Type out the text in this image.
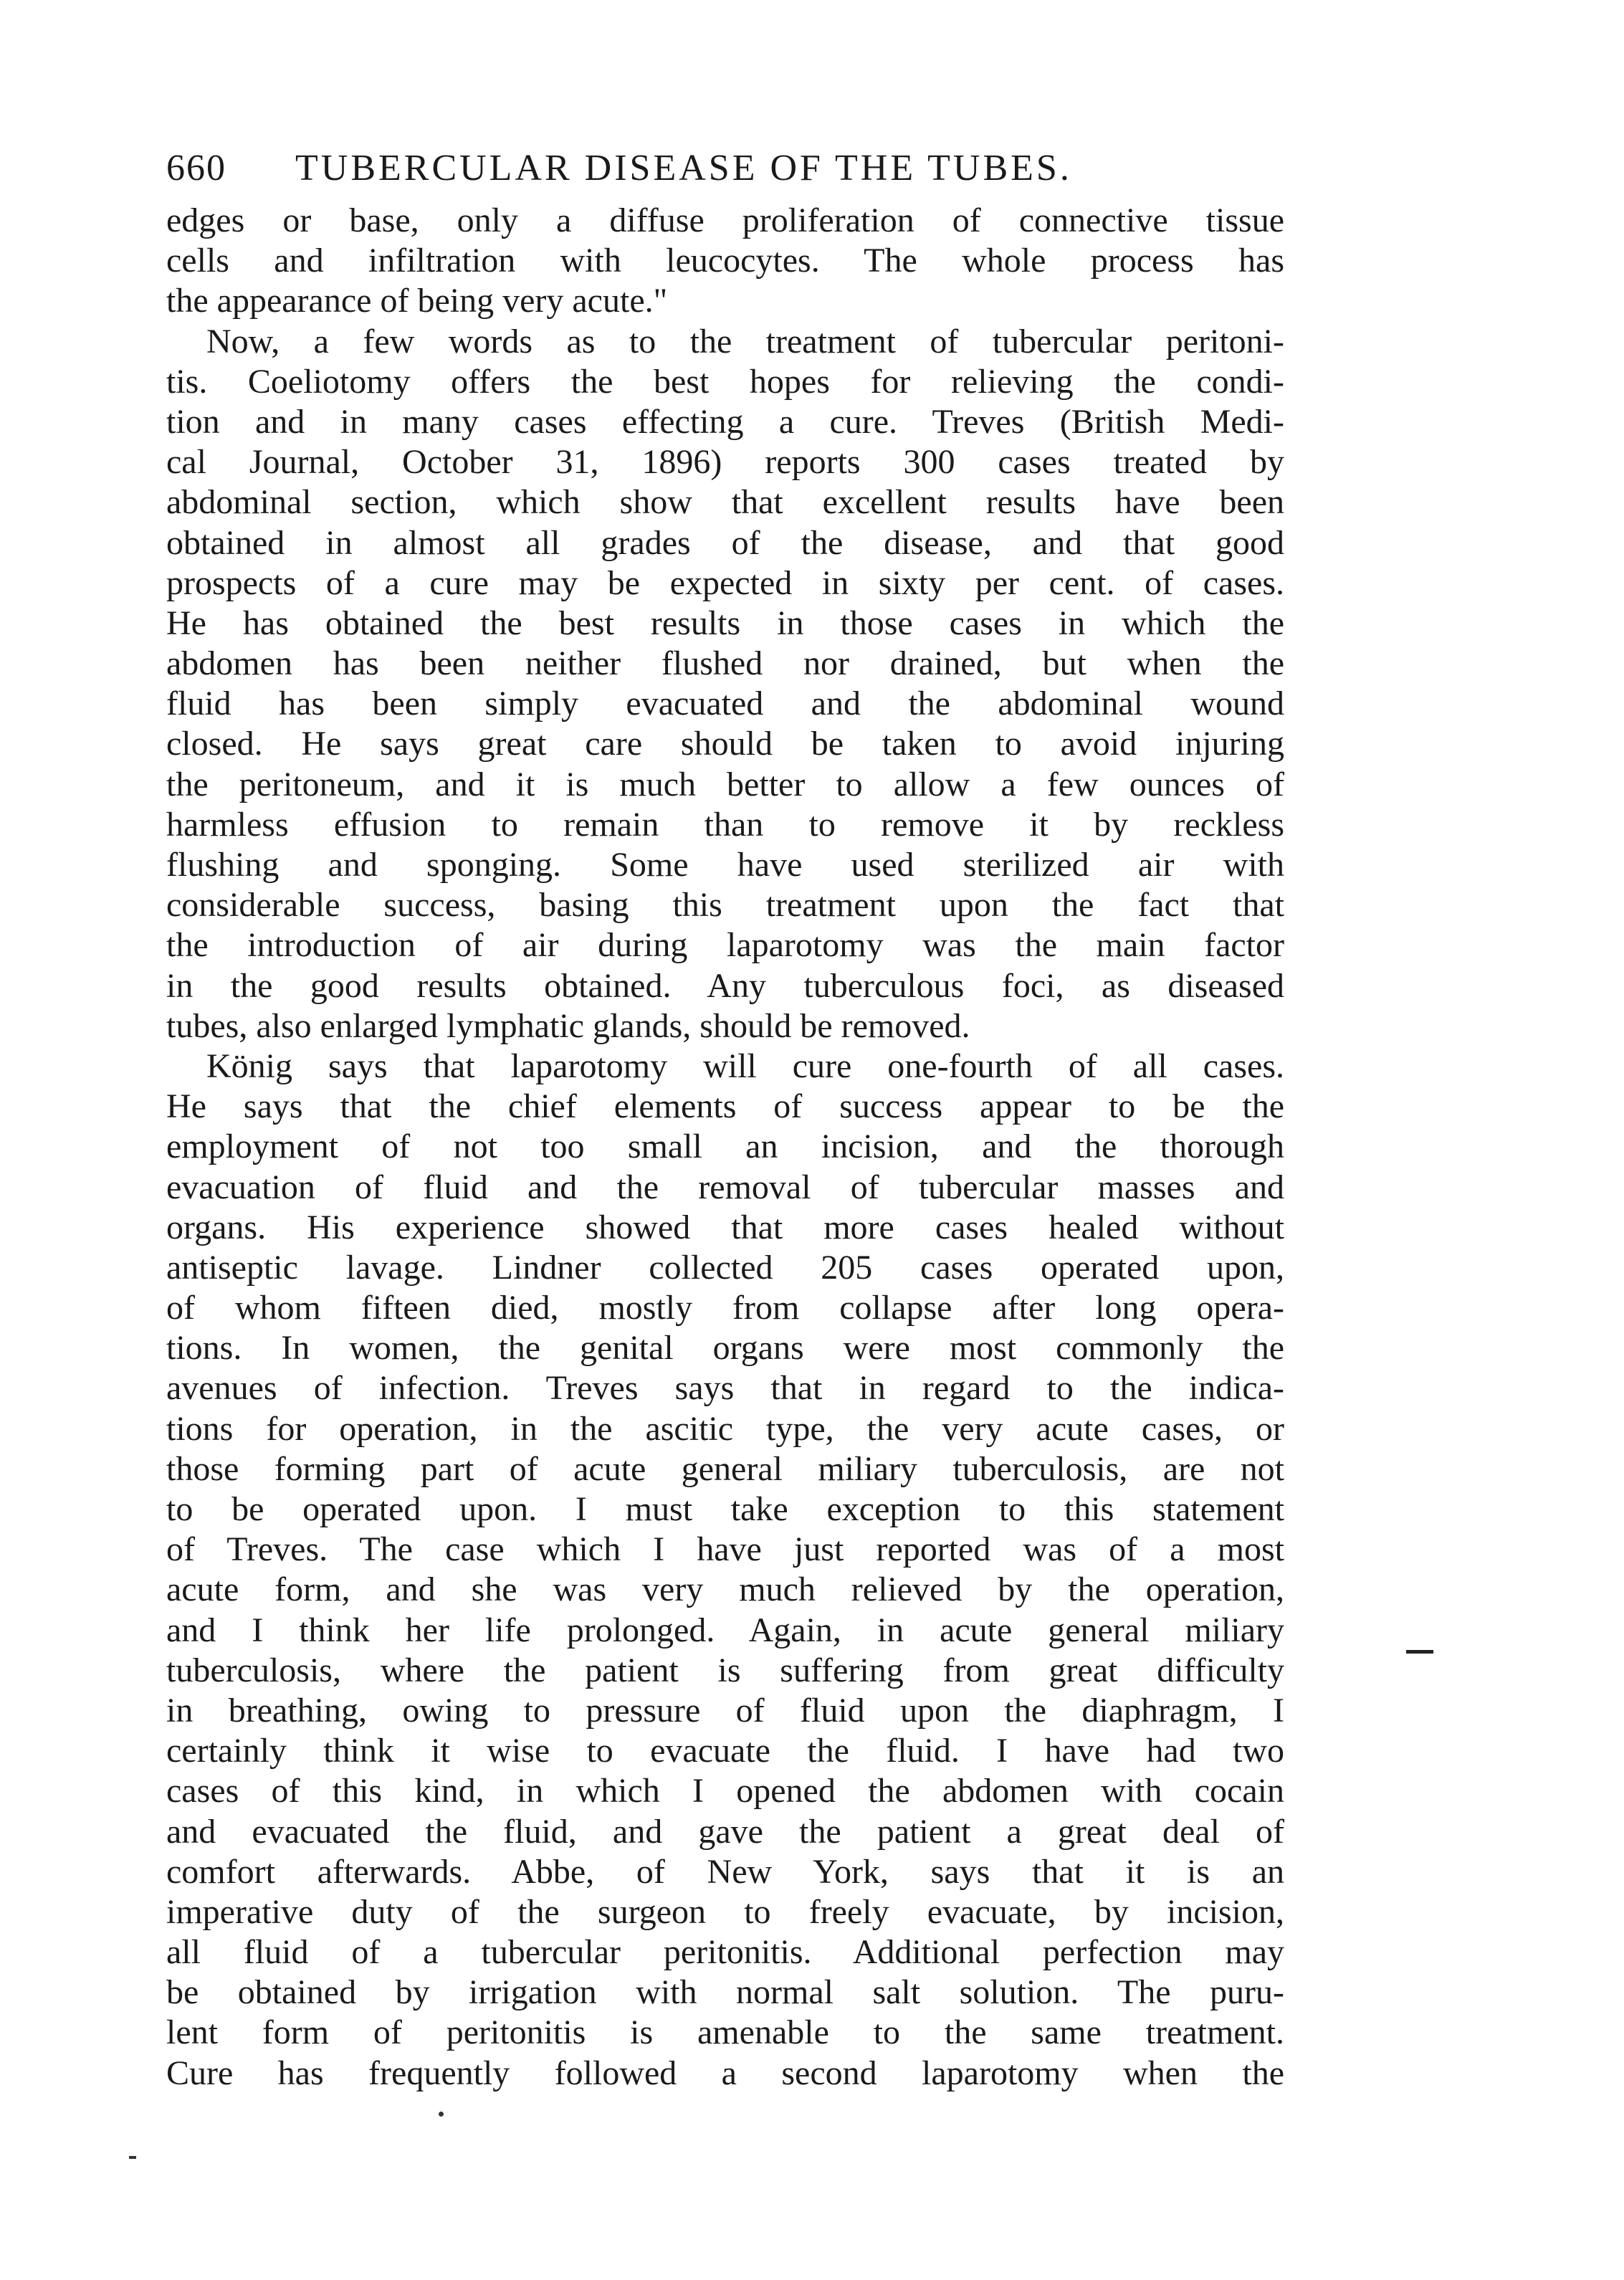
660 TUBERCULAR DISEASE OF THE TUBES.
edges or base, only a diffuse proliferation of connective tissue
cells and infiltration with leucocytes. The whole process has
the appearance of being very acute."
Now, a few words as to the treatment of tubercular peritoni-
tis. Coeliotomy offers the best hopes for relieving the condi-
tion and in many cases effecting a cure. Treves (British Medi-
cal Journal, October 31, 1896) reports 300 cases treated by
abdominal section, which show that excellent results have been
obtained in almost all grades of the disease, and that good
prospects of a cure may be expected in sixty per cent. of cases.
He has obtained the best results in those cases in which the
abdomen has been neither flushed nor drained, but when the
fluid has been simply evacuated and the abdominal wound
closed. He says great care should be taken to avoid injuring
the peritoneum, and it is much better to allow a few ounces of
harmless effusion to remain than to remove it by reckless
flushing and sponging. Some have used sterilized air with
considerable success, basing this treatment upon the fact that
the introduction of air during laparotomy was the main factor
in the good results obtained. Any tuberculous foci, as diseased
tubes, also enlarged lymphatic glands, should be removed.
König says that laparotomy will cure one-fourth of all cases.
He says that the chief elements of success appear to be the
employment of not too small an incision, and the thorough
evacuation of fluid and the removal of tubercular masses and
organs. His experience showed that more cases healed without
antiseptic lavage. Lindner collected 205 cases operated upon,
of whom fifteen died, mostly from collapse after long opera-
tions. In women, the genital organs were most commonly the
avenues of infection. Treves says that in regard to the indica-
tions for operation, in the ascitic type, the very acute cases, or
those forming part of acute general miliary tuberculosis, are not
to be operated upon. I must take exception to this statement
of Treves. The case which I have just reported was of a most
acute form, and she was very much relieved by the operation,
and I think her life prolonged. Again, in acute general miliary
tuberculosis, where the patient is suffering from great difficulty
in breathing, owing to pressure of fluid upon the diaphragm, I
certainly think it wise to evacuate the fluid. I have had two
cases of this kind, in which I opened the abdomen with cocain
and evacuated the fluid, and gave the patient a great deal of
comfort afterwards. Abbe, of New York, says that it is an
imperative duty of the surgeon to freely evacuate, by incision,
all fluid of a tubercular peritonitis. Additional perfection may
be obtained by irrigation with normal salt solution. The puru-
lent form of peritonitis is amenable to the same treatment.
Cure has frequently followed a second laparotomy when the
